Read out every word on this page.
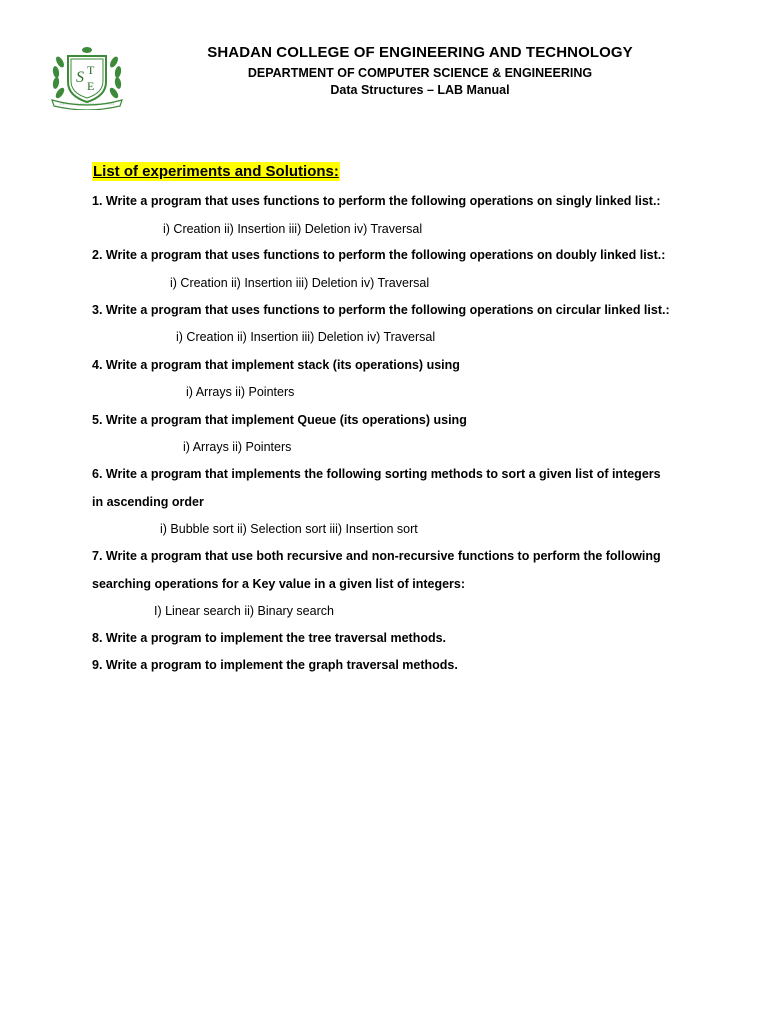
S T
E
SHADAN COLLEGE OF ENGINEERING AND TECHNOLOGY
DEPARTMENT OF COMPUTER SCIENCE & ENGINEERING
Data Structures – LAB Manual
List of experiments and Solutions:
1. Write a program that uses functions to perform the following operations on singly linked list.:
i) Creation ii) Insertion iii) Deletion iv) Traversal
2. Write a program that uses functions to perform the following operations on doubly linked list.:
i) Creation ii) Insertion iii) Deletion iv) Traversal
3. Write a program that uses functions to perform the following operations on circular linked list.:
i) Creation ii) Insertion iii) Deletion iv) Traversal
4. Write a program that implement stack (its operations) using
i) Arrays ii) Pointers
5. Write a program that implement Queue (its operations) using
i) Arrays ii) Pointers
6. Write a program that implements the following sorting methods to sort a given list of integers
in ascending order
i) Bubble sort ii) Selection sort iii) Insertion sort
7. Write a program that use both recursive and non-recursive functions to perform the following
searching operations for a Key value in a given list of integers:
I) Linear search ii) Binary search
8. Write a program to implement the tree traversal methods.
9. Write a program to implement the graph traversal methods.
